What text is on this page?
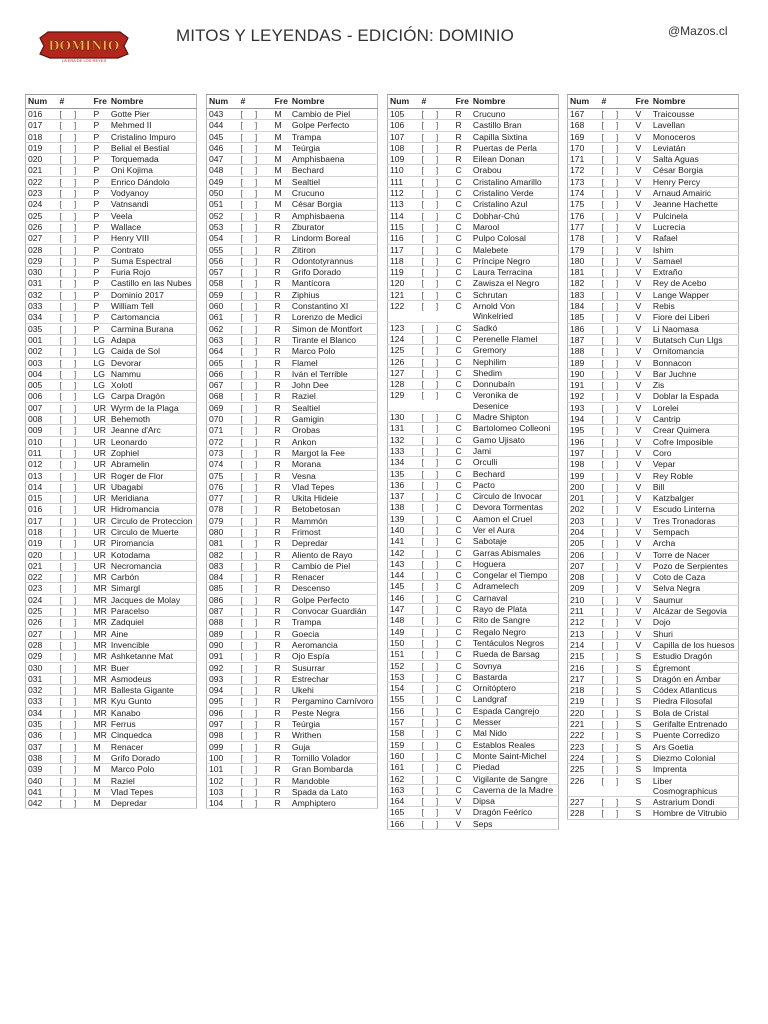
DOMINIO
LA ERA DE LOS REYES
MITOS Y LEYENDAS - EDICIÓN: DOMINIO	@Mazos.cl
Num	#	Fre	Nombre
016	[     ]	P	Gotte Pier
017	[     ]	P	Mehmed II
018	[     ]	P	Cristalino Impuro
019	[     ]	P	Belial el Bestial
020	[     ]	P	Torquemada
021	[     ]	P	Oni Kojima
022	[     ]	P	Enrico Dándolo
023	[     ]	P	Vodyanoy
024	[     ]	P	Vatnsandi
025	[     ]	P	Veela
026	[     ]	P	Wallace
027	[     ]	P	Henry VIII
028	[     ]	P	Contrato
029	[     ]	P	Suma Espectral
030	[     ]	P	Furia Rojo
031	[     ]	P	Castillo en las Nubes
032	[     ]	P	Dominio 2017
033	[     ]	P	William Tell
034	[     ]	P	Cartomancia
035	[     ]	P	Carmina Burana
001	[     ]	LG	Adapa
002	[     ]	LG	Caida de Sol
003	[     ]	LG	Devorar
004	[     ]	LG	Nammu
005	[     ]	LG	Xolotl
006	[     ]	LG	Carpa Dragón
007	[     ]	UR	Wyrm de la Plaga
008	[     ]	UR	Behemoth
009	[     ]	UR	Jeanne d'Arc
010	[     ]	UR	Leonardo
011	[     ]	UR	Zophiel
012	[     ]	UR	Abramelin
013	[     ]	UR	Roger de Flor
014	[     ]	UR	Ubagabi
015	[     ]	UR	Meridiana
016	[     ]	UR	Hidromancia
017	[     ]	UR	Circulo de Proteccion
018	[     ]	UR	Circulo de Muerte
019	[     ]	UR	Piromancia
020	[     ]	UR	Kotodama
021	[     ]	UR	Necromancia
022	[     ]	MR	Carbón
023	[     ]	MR	Simargl
024	[     ]	MR	Jacques de Molay
025	[     ]	MR	Paracelso
026	[     ]	MR	Zadquiel
027	[     ]	MR	Aine
028	[     ]	MR	Invencible
029	[     ]	MR	Ashketanne Mat
030	[     ]	MR	Buer
031	[     ]	MR	Asmodeus
032	[     ]	MR	Ballesta Gigante
033	[     ]	MR	Kyu Gunto
034	[     ]	MR	Kanabo
035	[     ]	MR	Ferrus
036	[     ]	MR	Cinquedca
037	[     ]	M	Renacer
038	[     ]	M	Grifo Dorado
039	[     ]	M	Marco Polo
040	[     ]	M	Raziel
041	[     ]	M	Vlad Tepes
042	[     ]	M	Depredar
Num	#	Fre	Nombre
043	[     ]	M	Cambio de Piel
044	[     ]	M	Golpe Perfecto
045	[     ]	M	Trampa
046	[     ]	M	Teúrgia
047	[     ]	M	Amphisbaena
048	[     ]	M	Bechard
049	[     ]	M	Sealtiel
050	[     ]	M	Crucuno
051	[     ]	M	César Borgia
052	[     ]	R	Amphisbaena
053	[     ]	R	Zburator
054	[     ]	R	Lindorm Boreal
055	[     ]	R	Zitiron
056	[     ]	R	Odontotyrannus
057	[     ]	R	Grifo Dorado
058	[     ]	R	Mantícora
059	[     ]	R	Ziphius
060	[     ]	R	Constantino XI
061	[     ]	R	Lorenzo de Medici
062	[     ]	R	Simon de Montfort
063	[     ]	R	Tirante el Blanco
064	[     ]	R	Marco Polo
065	[     ]	R	Flamel
066	[     ]	R	Iván el Terrible
067	[     ]	R	John Dee
068	[     ]	R	Raziel
069	[     ]	R	Sealtiel
070	[     ]	R	Gamigin
071	[     ]	R	Orobas
072	[     ]	R	Ankon
073	[     ]	R	Margot la Fee
074	[     ]	R	Morana
075	[     ]	R	Vesna
076	[     ]	R	Vlad Tepes
077	[     ]	R	Ukita Hideie
078	[     ]	R	Betobetosan
079	[     ]	R	Mammón
080	[     ]	R	Frimost
081	[     ]	R	Depredar
082	[     ]	R	Aliento de Rayo
083	[     ]	R	Cambio de Piel
084	[     ]	R	Renacer
085	[     ]	R	Descenso
086	[     ]	R	Golpe Perfecto
087	[     ]	R	Convocar Guardián
088	[     ]	R	Trampa
089	[     ]	R	Goecia
090	[     ]	R	Aeromancia
091	[     ]	R	Ojo Espía
092	[     ]	R	Susurrar
093	[     ]	R	Estrechar
094	[     ]	R	Ukehi
095	[     ]	R	Pergamino Carnívoro
096	[     ]	R	Peste Negra
097	[     ]	R	Teúrgia
098	[     ]	R	Writhen
099	[     ]	R	Guja
100	[     ]	R	Tornillo Volador
101	[     ]	R	Gran Bombarda
102	[     ]	R	Mandoble
103	[     ]	R	Spada da Lato
104	[     ]	R	Amphiptero
Num	#	Fre	Nombre
105	[     ]	R	Crucuno
106	[     ]	R	Castillo Bran
107	[     ]	R	Capilla Sixtina
108	[     ]	R	Puertas de Perla
109	[     ]	R	Eilean Donan
110	[     ]	C	Orabou
111	[     ]	C	Cristalino Amarillo
112	[     ]	C	Cristalino Verde
113	[     ]	C	Cristalino Azul
114	[     ]	C	Dobhar-Chú
115	[     ]	C	Marool
116	[     ]	C	Pulpo Colosal
117	[     ]	C	Malebete
118	[     ]	C	Príncipe Negro
119	[     ]	C	Laura Terracina
120	[     ]	C	Zawisza el Negro
121	[     ]	C	Schrutan
122	[     ]	C	Arnold Von Winkelried
123	[     ]	C	Sadkó
124	[     ]	C	Perenelle Flamel
125	[     ]	C	Gremory
126	[     ]	C	Nephilim
127	[     ]	C	Shedim
128	[     ]	C	Donnubaín
129	[     ]	C	Veronika de Desenice
130	[     ]	C	Madre Shipton
131	[     ]	C	Bartolomeo Colleoni
132	[     ]	C	Gamo Ujisato
133	[     ]	C	Jami
134	[     ]	C	Orculli
135	[     ]	C	Bechard
136	[     ]	C	Pacto
137	[     ]	C	Circulo de Invocar
138	[     ]	C	Devora Tormentas
139	[     ]	C	Aamon el Cruel
140	[     ]	C	Ver el Aura
141	[     ]	C	Sabotaje
142	[     ]	C	Garras Abismales
143	[     ]	C	Hoguera
144	[     ]	C	Congelar el Tiempo
145	[     ]	C	Adramelech
146	[     ]	C	Carnaval
147	[     ]	C	Rayo de Plata
148	[     ]	C	Rito de Sangre
149	[     ]	C	Regalo Negro
150	[     ]	C	Tentáculos Negros
151	[     ]	C	Rueda de Barsag
152	[     ]	C	Sovnya
153	[     ]	C	Bastarda
154	[     ]	C	Ornitóptero
155	[     ]	C	Landgraf
156	[     ]	C	Espada Cangrejo
157	[     ]	C	Messer
158	[     ]	C	Mal Nido
159	[     ]	C	Establos Reales
160	[     ]	C	Monte Saint-Michel
161	[     ]	C	Piedad
162	[     ]	C	Vigilante de Sangre
163	[     ]	C	Caverna de la Madre
164	[     ]	V	Dipsa
165	[     ]	V	Dragón Feérico
166	[     ]	V	Seps
Num	#	Fre	Nombre
167	[     ]	V	Traicousse
168	[     ]	V	Lavellan
169	[     ]	V	Monoceros
170	[     ]	V	Leviatán
171	[     ]	V	Salta Aguas
172	[     ]	V	César Borgia
173	[     ]	V	Henry Percy
174	[     ]	V	Arnaud Amairic
175	[     ]	V	Jeanne Hachette
176	[     ]	V	Pulcinela
177	[     ]	V	Lucrecia
178	[     ]	V	Rafael
179	[     ]	V	Ishim
180	[     ]	V	Samael
181	[     ]	V	Extraño
182	[     ]	V	Rey de Acebo
183	[     ]	V	Lange Wapper
184	[     ]	V	Rebis
185	[     ]	V	Fiore dei Liberi
186	[     ]	V	Li Naomasa
187	[     ]	V	Butatsch Cun Llgs
188	[     ]	V	Ornitomancia
189	[     ]	V	Bonnacon
190	[     ]	V	Bar Juchne
191	[     ]	V	Zis
192	[     ]	V	Doblar la Espada
193	[     ]	V	Lorelei
194	[     ]	V	Cantrip
195	[     ]	V	Crear Quimera
196	[     ]	V	Cofre Imposible
197	[     ]	V	Coro
198	[     ]	V	Vepar
199	[     ]	V	Rey Roble
200	[     ]	V	Bill
201	[     ]	V	Katzbalger
202	[     ]	V	Escudo Linterna
203	[     ]	V	Tres Tronadoras
204	[     ]	V	Sempach
205	[     ]	V	Archa
206	[     ]	V	Torre de Nacer
207	[     ]	V	Pozo de Serpientes
208	[     ]	V	Coto de Caza
209	[     ]	V	Selva Negra
210	[     ]	V	Saumur
211	[     ]	V	Alcázar de Segovia
212	[     ]	V	Dojo
213	[     ]	V	Shuri
214	[     ]	V	Capilla de los huesos
215	[     ]	S	Estudio Dragón
216	[     ]	S	Égremont
217	[     ]	S	Dragón en Ámbar
218	[     ]	S	Códex Atlanticus
219	[     ]	S	Piedra Filosofal
220	[     ]	S	Bola de Cristal
221	[     ]	S	Gerifalte Entrenado
222	[     ]	S	Puente Corredizo
223	[     ]	S	Ars Goetia
224	[     ]	S	Diezmo Colonial
225	[     ]	S	Imprenta
226	[     ]	S	Liber Cosmographicus
227	[     ]	S	Astrarium Dondi
228	[     ]	S	Hombre de Vitrubio
